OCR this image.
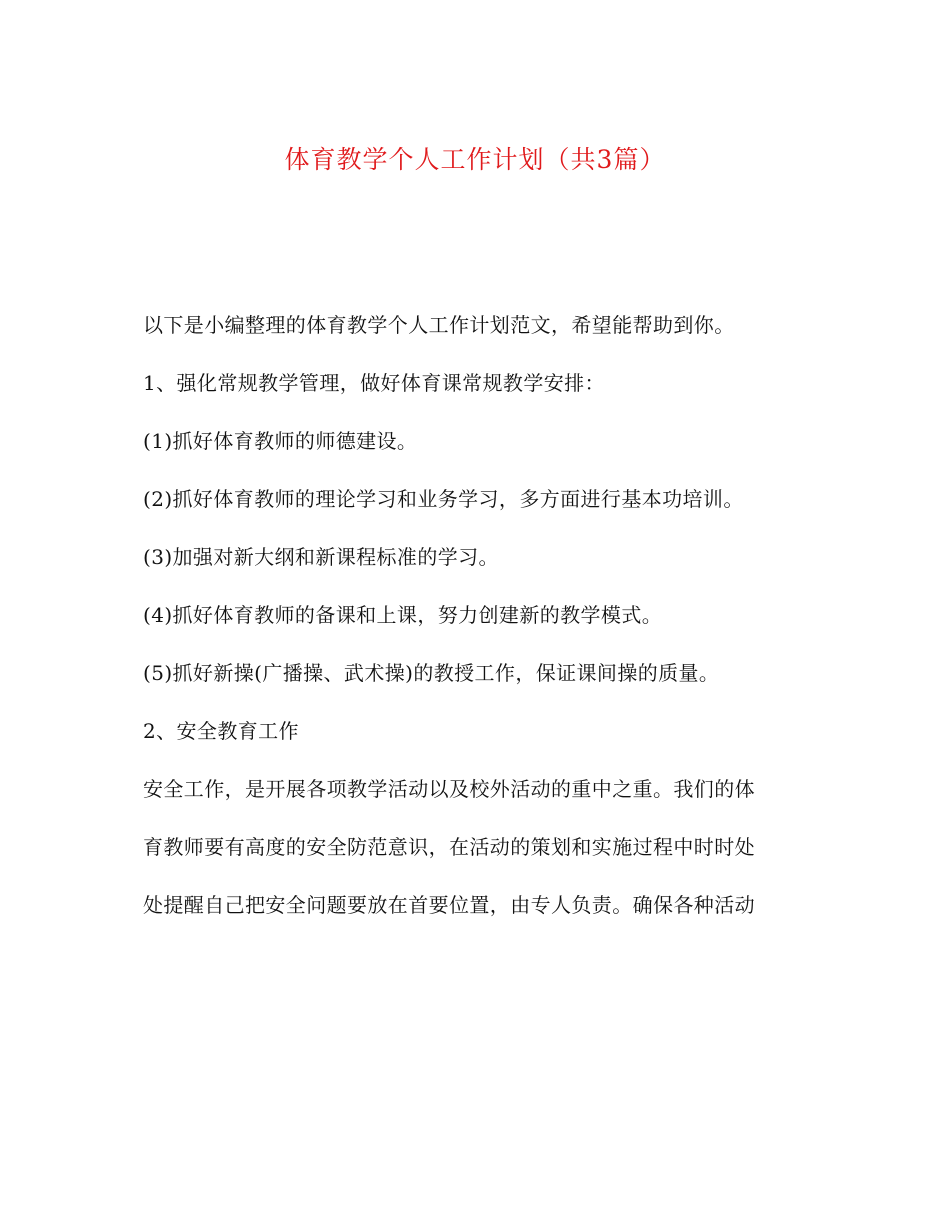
体育教学个人工作计划（共3篇）

以下是小编整理的体育教学个人工作计划范文，希望能帮助到你。

1、强化常规教学管理，做好体育课常规教学安排：

(1)抓好体育教师的师德建设。

(2)抓好体育教师的理论学习和业务学习，多方面进行基本功培训。

(3)加强对新大纲和新课程标准的学习。

(4)抓好体育教师的备课和上课，努力创建新的教学模式。

(5)抓好新操(广播操、武术操)的教授工作，保证课间操的质量。

2、安全教育工作

安全工作，是开展各项教学活动以及校外活动的重中之重。我们的体
育教师要有高度的安全防范意识，在活动的策划和实施过程中时时处
处提醒自己把安全问题要放在首要位置，由专人负责。确保各种活动
